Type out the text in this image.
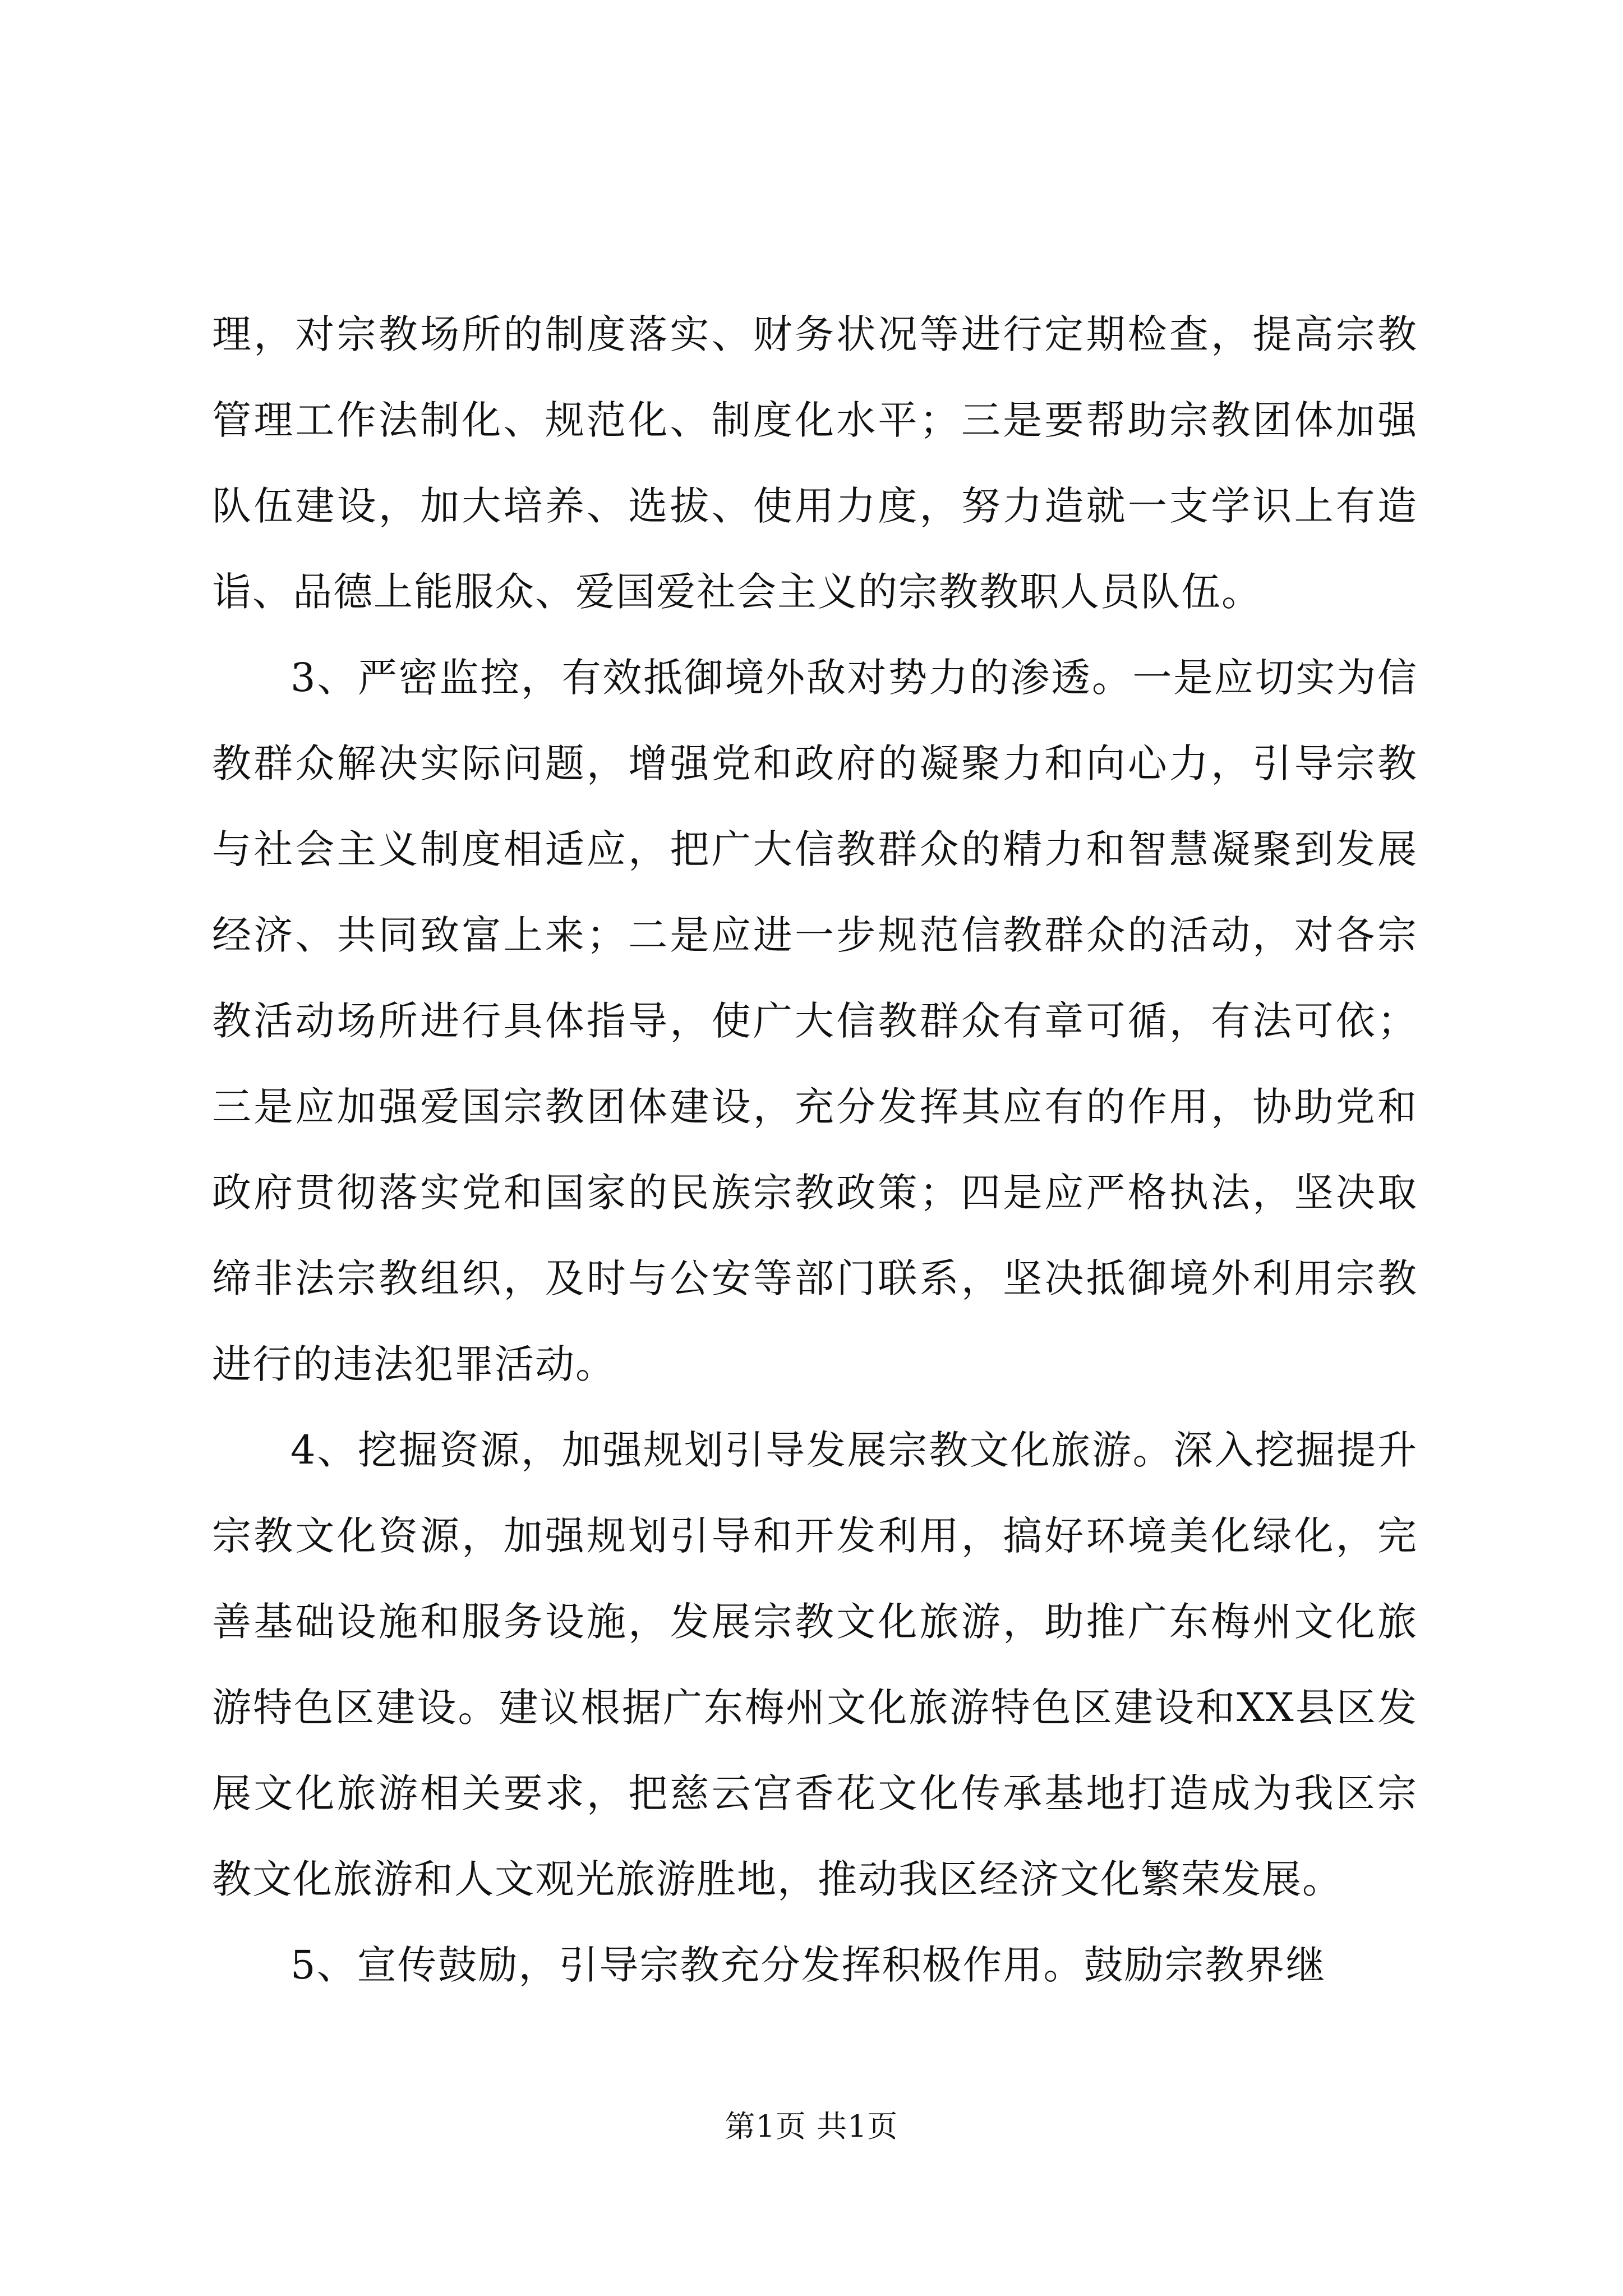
理，对宗教场所的制度落实、财务状况等进行定期检查，提高宗教管理工作法制化、规范化、制度化水平；三是要帮助宗教团体加强队伍建设，加大培养、选拔、使用力度，努力造就一支学识上有造诣、品德上能服众、爱国爱社会主义的宗教教职人员队伍。

3、严密监控，有效抵御境外敌对势力的渗透。一是应切实为信教群众解决实际问题，增强党和政府的凝聚力和向心力，引导宗教与社会主义制度相适应，把广大信教群众的精力和智慧凝聚到发展经济、共同致富上来；二是应进一步规范信教群众的活动，对各宗教活动场所进行具体指导，使广大信教群众有章可循，有法可依；三是应加强爱国宗教团体建设，充分发挥其应有的作用，协助党和政府贯彻落实党和国家的民族宗教政策；四是应严格执法，坚决取缔非法宗教组织，及时与公安等部门联系，坚决抵御境外利用宗教进行的违法犯罪活动。

4、挖掘资源，加强规划引导发展宗教文化旅游。深入挖掘提升宗教文化资源，加强规划引导和开发利用，搞好环境美化绿化，完善基础设施和服务设施，发展宗教文化旅游，助推广东梅州文化旅游特色区建设。建议根据广东梅州文化旅游特色区建设和XX县区发展文化旅游相关要求，把慈云宫香花文化传承基地打造成为我区宗教文化旅游和人文观光旅游胜地，推动我区经济文化繁荣发展。

5、宣传鼓励，引导宗教充分发挥积极作用。鼓励宗教界继

第1页 共1页
